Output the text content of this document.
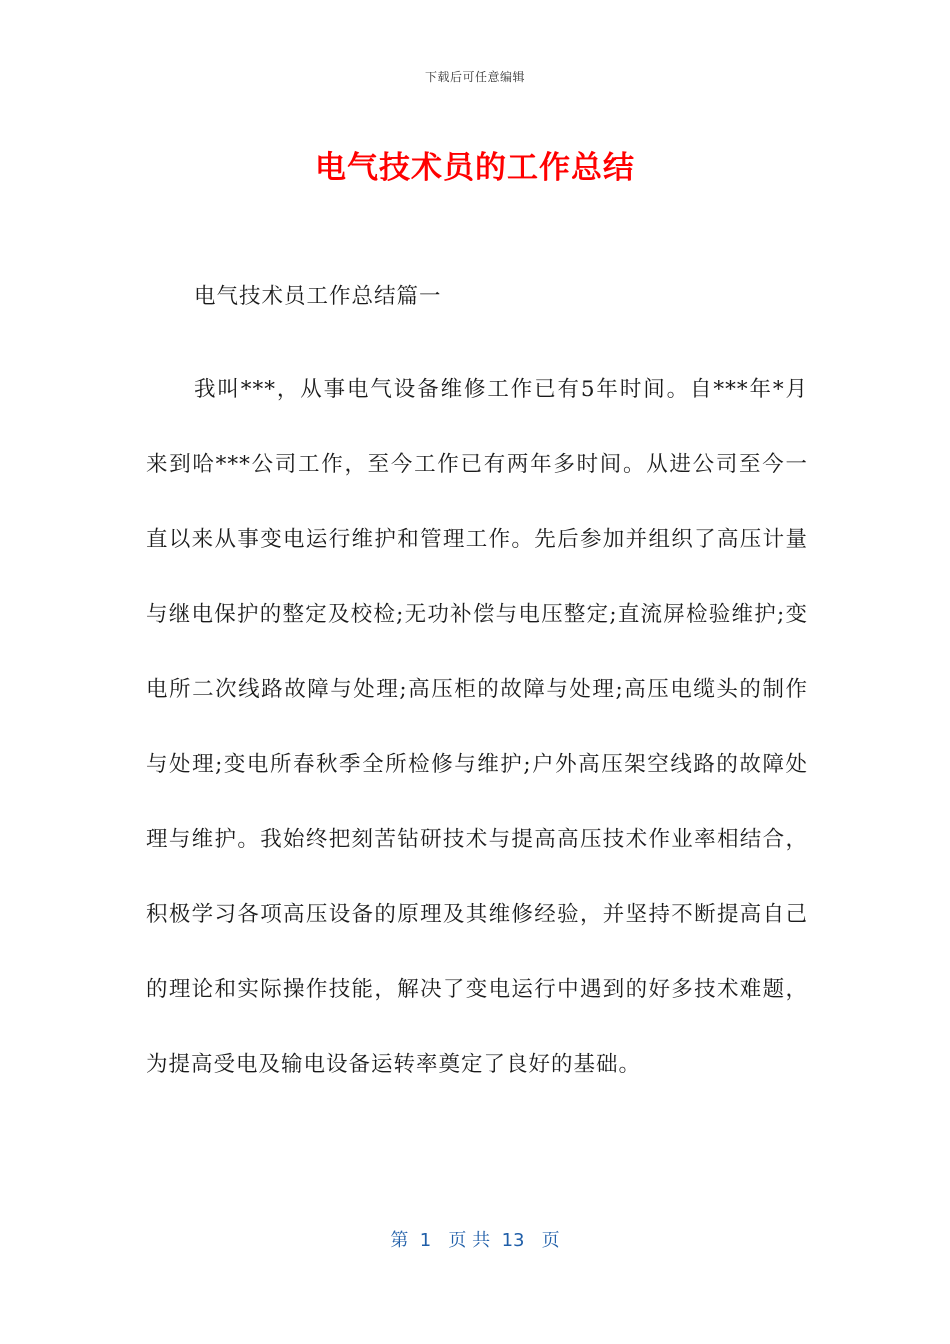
下载后可任意编辑
电气技术员的工作总结

电气技术员工作总结篇一

我叫***，从事电气设备维修工作已有5年时间。自***年*月来到哈***公司工作，至今工作已有两年多时间。从进公司至今一直以来从事变电运行维护和管理工作。先后参加并组织了高压计量与继电保护的整定及校检;无功补偿与电压整定;直流屏检验维护;变电所二次线路故障与处理;高压柜的故障与处理;高压电缆头的制作与处理;变电所春秋季全所检修与维护;户外高压架空线路的故障处理与维护。我始终把刻苦钻研技术与提高高压技术作业率相结合，积极学习各项高压设备的原理及其维修经验，并坚持不断提高自己的理论和实际操作技能，解决了变电运行中遇到的好多技术难题，为提高受电及输电设备运转率奠定了良好的基础。

第  1   页 共  13   页
